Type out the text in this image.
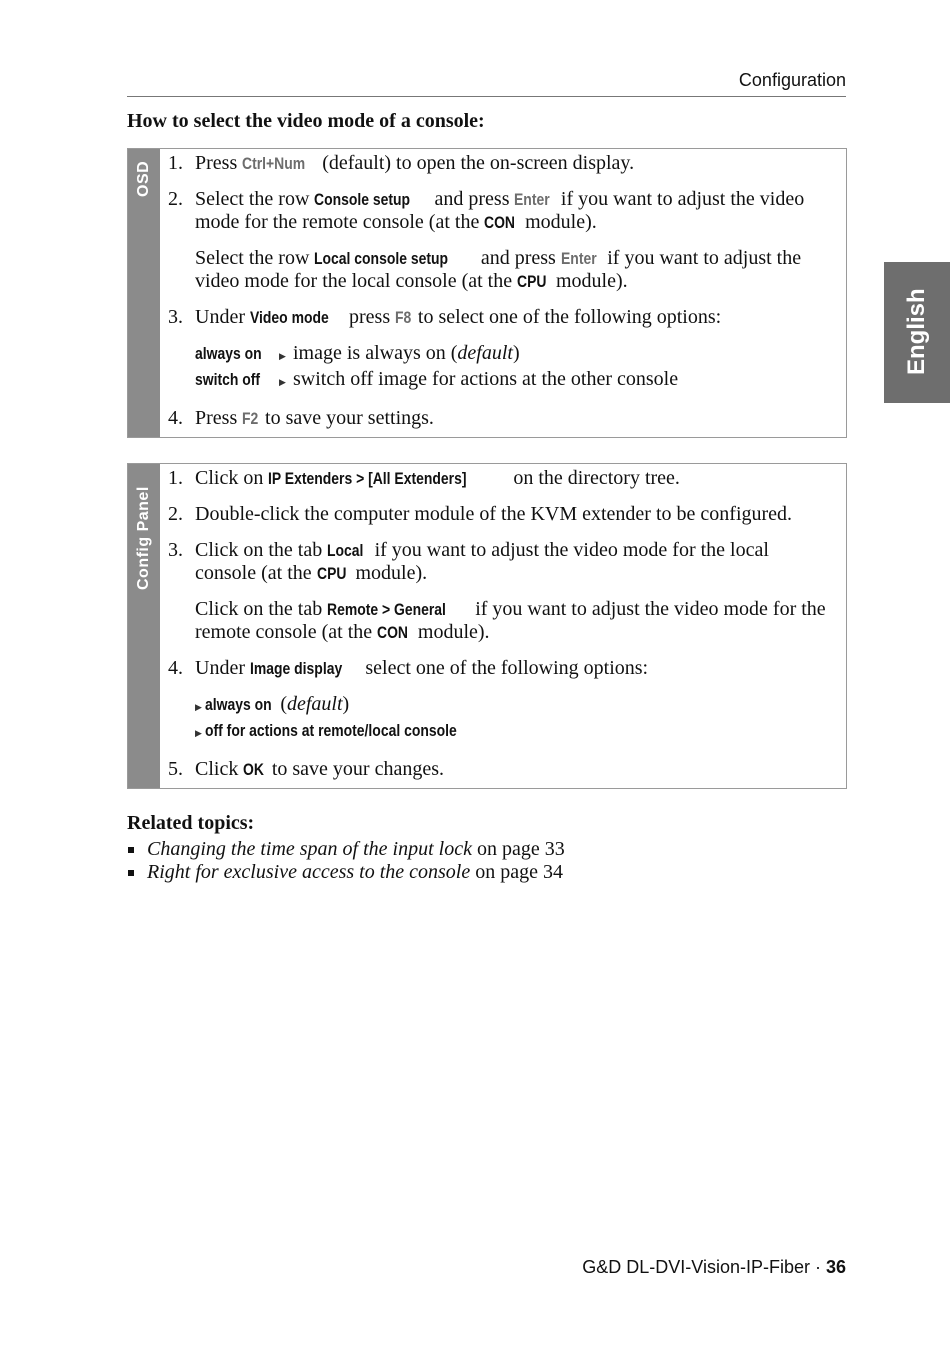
Configuration
How to select the video mode of a console:
OSD 1. Press Ctrl+Num (default) to open the on-screen display.

2. Select the row Console setup and press Enter if you want to adjust the video mode for the remote console (at the CON module).

Select the row Local console setup and press Enter if you want to adjust the video mode for the local console (at the CPU module).

3. Under Video mode press F8 to select one of the following options:

always on	▶ image is always on (default)
switch off	▶ switch off image for actions at the other console

4. Press F2 to save your settings.

Config Panel
1. Click on IP Extenders > [All Extenders] on the directory tree.

2. Double-click the computer module of the KVM extender to be configured.

3. Click on the tab Local if you want to adjust the video mode for the local console (at the CPU module).

Click on the tab Remote > General if you want to adjust the video mode for the remote console (at the CON module).

4. Under Image display select one of the following options:

▶ always on ( default )
▶ off for actions at remote/local console

5. Click OK to save your changes.

Related topics:
Changing the time span of the input lock on page 33
Right for exclusive access to the console on page 34
English
G&D DL-DVI-Vision-IP-Fiber · 36
